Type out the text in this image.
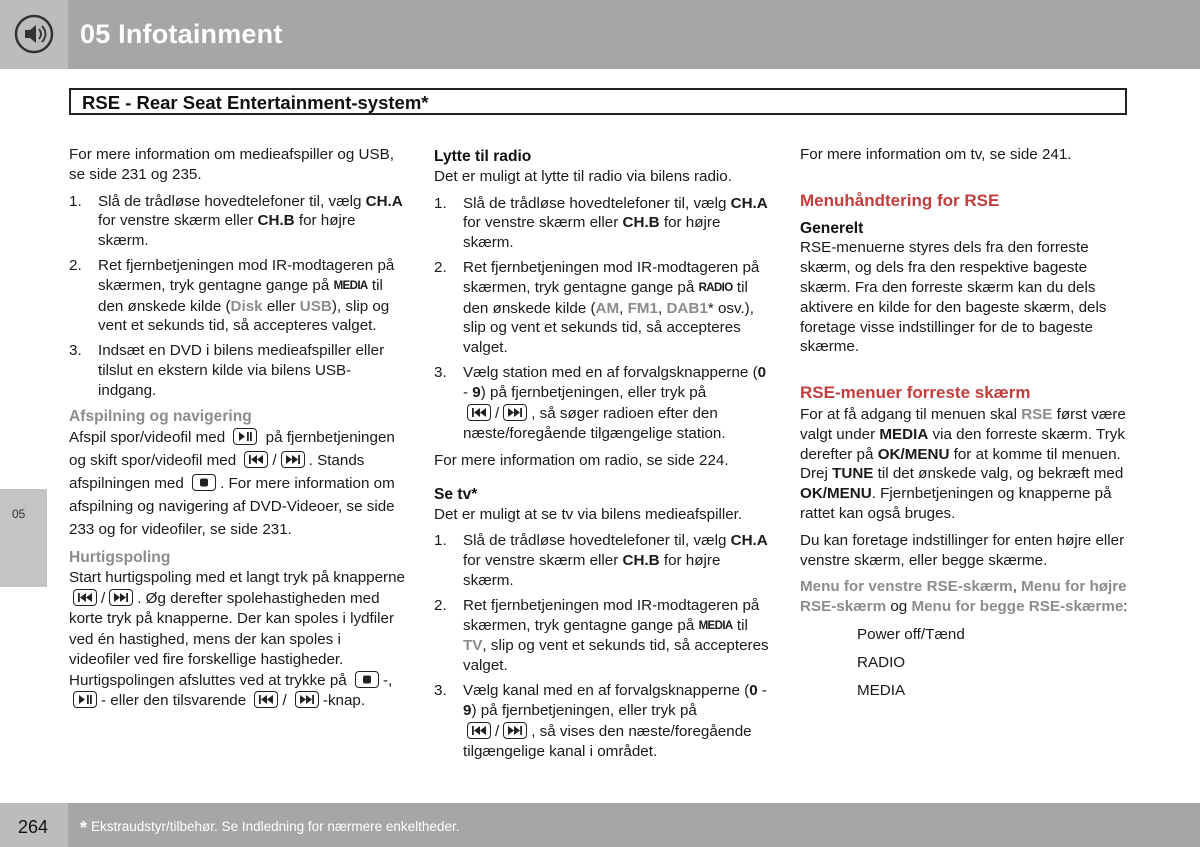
05 Infotainment
05
RSE - Rear Seat Entertainment-system*

For mere information om medieafspiller og USB, se side 231 og 235.

1. Slå de trådløse hovedtelefoner til, vælg CH.A for venstre skærm eller CH.B for højre skærm.
2. Ret fjernbetjeningen mod IR-modtageren på skærmen, tryk gentagne gange på MEDIA til den ønskede kilde (Disk eller USB), slip og vent et sekunds tid, så accepteres valget.
3. Indsæt en DVD i bilens medieafspiller eller tilslut en ekstern kilde via bilens USB-indgang.
Afspilning og navigering

Afspil spor/videofil med	på fjernbetjeningen og skift spor/videofil med / . Stands afspilningen med . For mere information om afspilning og navigering af DVD-Videoer, se side 233 og for videofiler, se side 231.

Hurtigspoling

Start hurtigspoling med et langt tryk på knapperne
/ . Øg derefter spolehastigheden med korte tryk på knapperne. Der kan spoles i lydfiler ved én hastighed, mens der kan spoles i videofiler ved fire forskellige hastigheder. Hurtigspolingen afsluttes ved at trykke på -,
- eller den tilsvarende /
-knap.

Lytte til radio

Det er muligt at lytte til radio via bilens radio.

1. Slå de trådløse hovedtelefoner til, vælg CH.A for venstre skærm eller CH.B for højre skærm.
2. Ret fjernbetjeningen mod IR-modtageren på skærmen, tryk gentagne gange på RADIO til den ønskede kilde (AM, FM1, DAB1* osv.), slip og vent et sekunds tid, så accepteres valget.
3. Vælg station med en af forvalgsknapperne (0 - 9) på fjernbetjeningen, eller tryk på

/ , så søger radioen efter den næste/foregående tilgængelige station.

For mere information om radio, se side 224.

Se tv*

Det er muligt at se tv via bilens medieafspiller.

1. Slå de trådløse hovedtelefoner til, vælg CH.A for venstre skærm eller CH.B for højre skærm.
2. Ret fjernbetjeningen mod IR-modtageren på skærmen, tryk gentagne gange på MEDIA til TV, slip og vent et sekunds tid, så accepteres valget.
3. Vælg kanal med en af forvalgsknapperne (0 - 9) på fjernbetjeningen, eller tryk på

/ , så vises den næste/foregående tilgængelige kanal i området.

For mere information om tv, se side 241.

Menuhåndtering for RSE
Generelt

RSE-menuerne styres dels fra den forreste skærm, og dels fra den respektive bageste skærm. Fra den forreste skærm kan du dels aktivere en kilde for den bageste skærm, dels foretage visse indstillinger for de to bageste skærme.

RSE-menuer forreste skærm

For at få adgang til menuen skal RSE først være valgt under MEDIA via den forreste skærm. Tryk derefter på OK/MENU for at komme til menuen. Drej TUNE til det ønskede valg, og bekræft med OK/MENU. Fjernbetjeningen og knapperne på rattet kan også bruges.

Du kan foretage indstillinger for enten højre eller venstre skærm, eller begge skærme.

Menu for venstre RSE-skærm, Menu for højre RSE-skærm og Menu for begge RSE-skærme:

Power off/Tænd
RADIO
MEDIA
264 * Ekstraudstyr/tilbehør. Se Indledning for nærmere enkeltheder.
